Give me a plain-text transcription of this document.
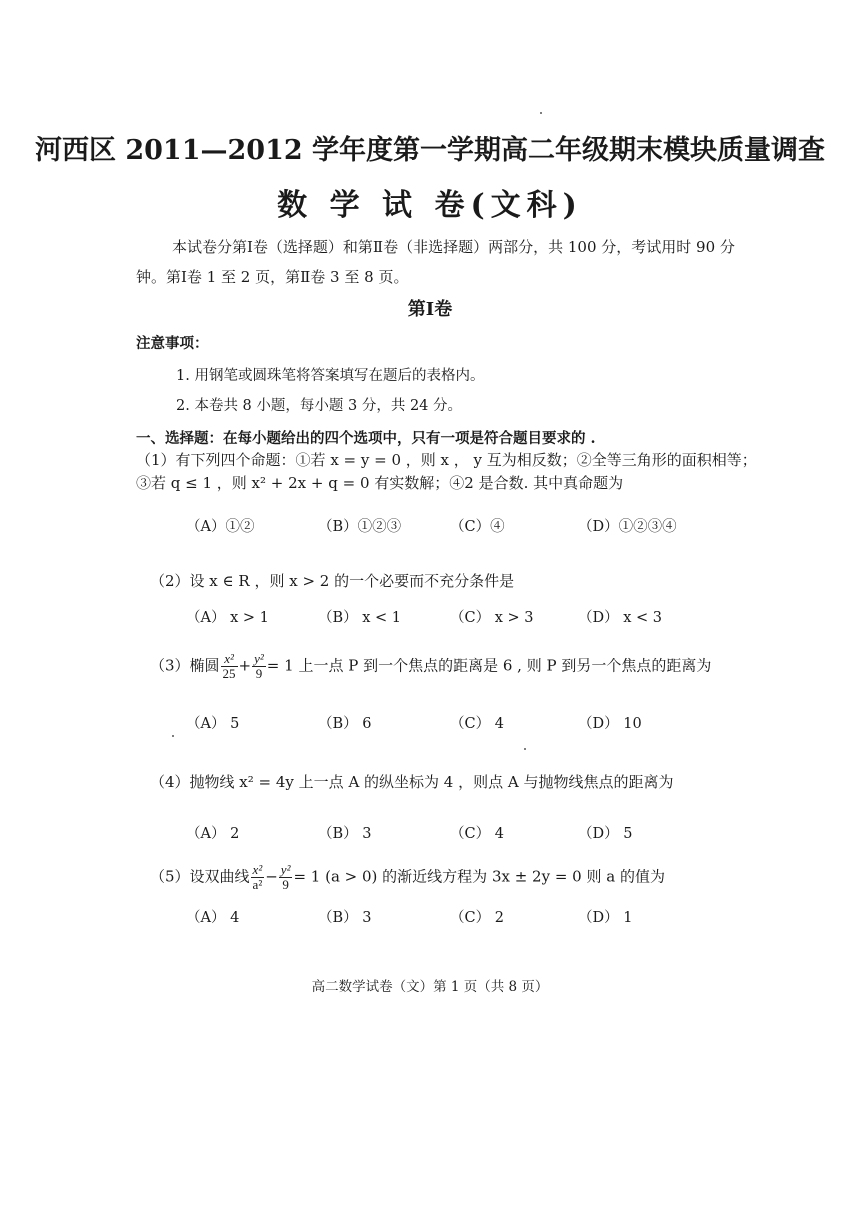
河西区 2011—2012 学年度第一学期高二年级期末模块质量调查
数 学 试 卷(文科)
本试卷分第Ⅰ卷（选择题）和第Ⅱ卷（非选择题）两部分，共 100 分，考试用时 90 分
钟。第Ⅰ卷 1 至 2 页，第Ⅱ卷 3 至 8 页。
第Ⅰ卷
注意事项：
1. 用钢笔或圆珠笔将答案填写在题后的表格内。
2. 本卷共 8 小题，每小题 3 分，共 24 分。
一、选择题：在每小题给出的四个选项中，只有一项是符合题目要求的 .
（1）有下列四个命题：①若 x = y = 0 ，则 x ， y 互为相反数；②全等三角形的面积相等；
③若 q ≤ 1 ，则 x² + 2x + q = 0 有实数解；④2 是合数. 其中真命题为
（A）①②	（B）①②③	（C）④	（D）①②③④
（2）设 x ∈ R ，则 x > 2 的一个必要而不充分条件是
（A） x > 1	（B） x < 1	（C） x > 3	（D） x < 3
（3）椭圆 $\frac{\text{x²}}{25} + \frac{\text{y²}}{9} = 1$ 上一点 P 到一个焦点的距离是 6 , 则 P 到另一个焦点的距离为
（A） 5	（B） 6	（C） 4	（D） 10
（4）抛物线 x² = 4y 上一点 A 的纵坐标为 4 ，则点 A 与抛物线焦点的距离为
（A） 2	（B） 3	（C） 4	（D） 5
（5）设双曲线 $\frac{\text{x²}}{\text{a²}} - \frac{\text{y²}}{9} = 1$ (a > 0) 的渐近线方程为 3x ± 2y = 0 则 a 的值为
（A） 4	（B） 3	（C） 2	（D） 1
高二数学试卷（文）第 1 页（共 8 页）
